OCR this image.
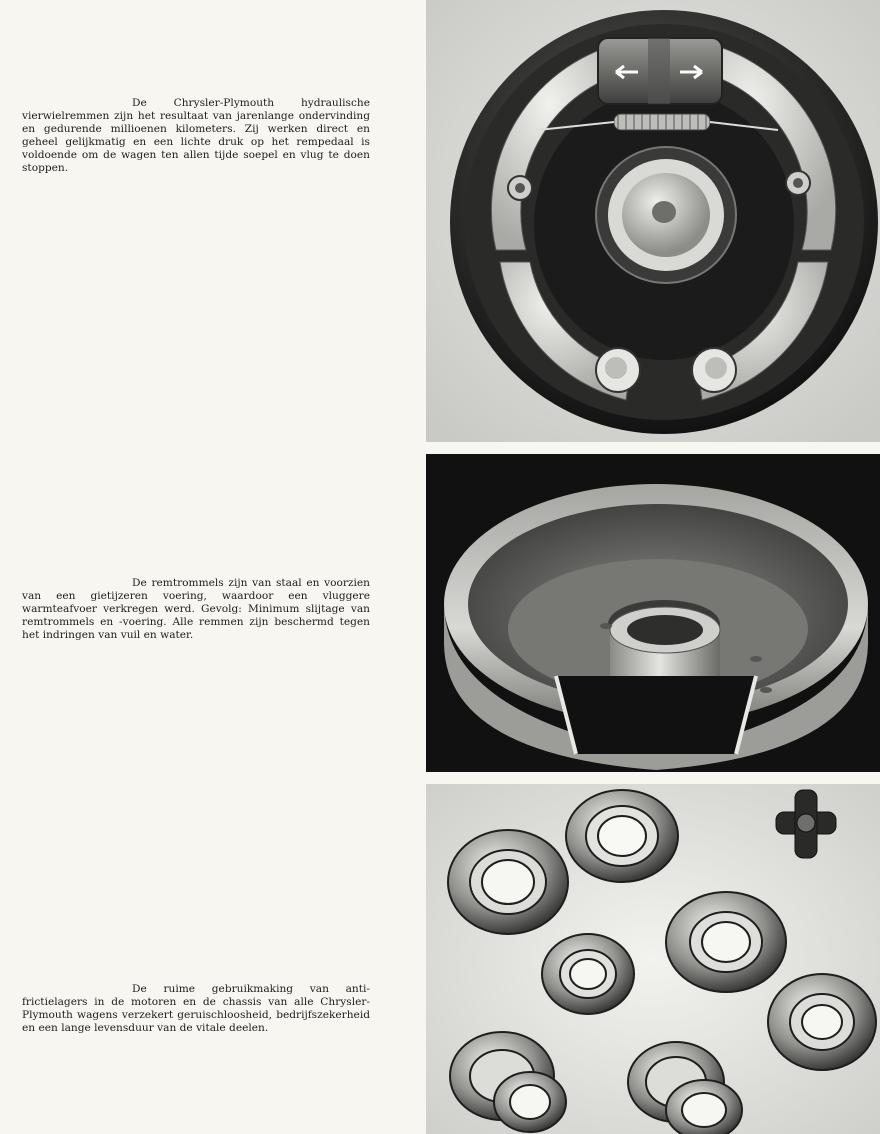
De Chrysler-Plymouth hydraulische vierwielremmen zijn het resultaat van jarenlange ondervinding en gedurende millioenen kilometers. Zij werken direct en geheel gelijkmatig en een lichte druk op het rempedaal is voldoende om de wagen ten allen tijde soepel en vlug te doen stoppen.

De remtrommels zijn van staal en voorzien van een gietijzeren voering, waardoor een vluggere warmteafvoer verkregen werd. Gevolg: Minimum slijtage van remtrommels en -voering. Alle remmen zijn beschermd tegen het indringen van vuil en water.

De ruime gebruikmaking van anti-frictielagers in de motoren en de chassis van alle Chrysler-Plymouth wagens verzekert geruischloosheid, bedrijfszekerheid en een lange levensduur van de vitale deelen.
